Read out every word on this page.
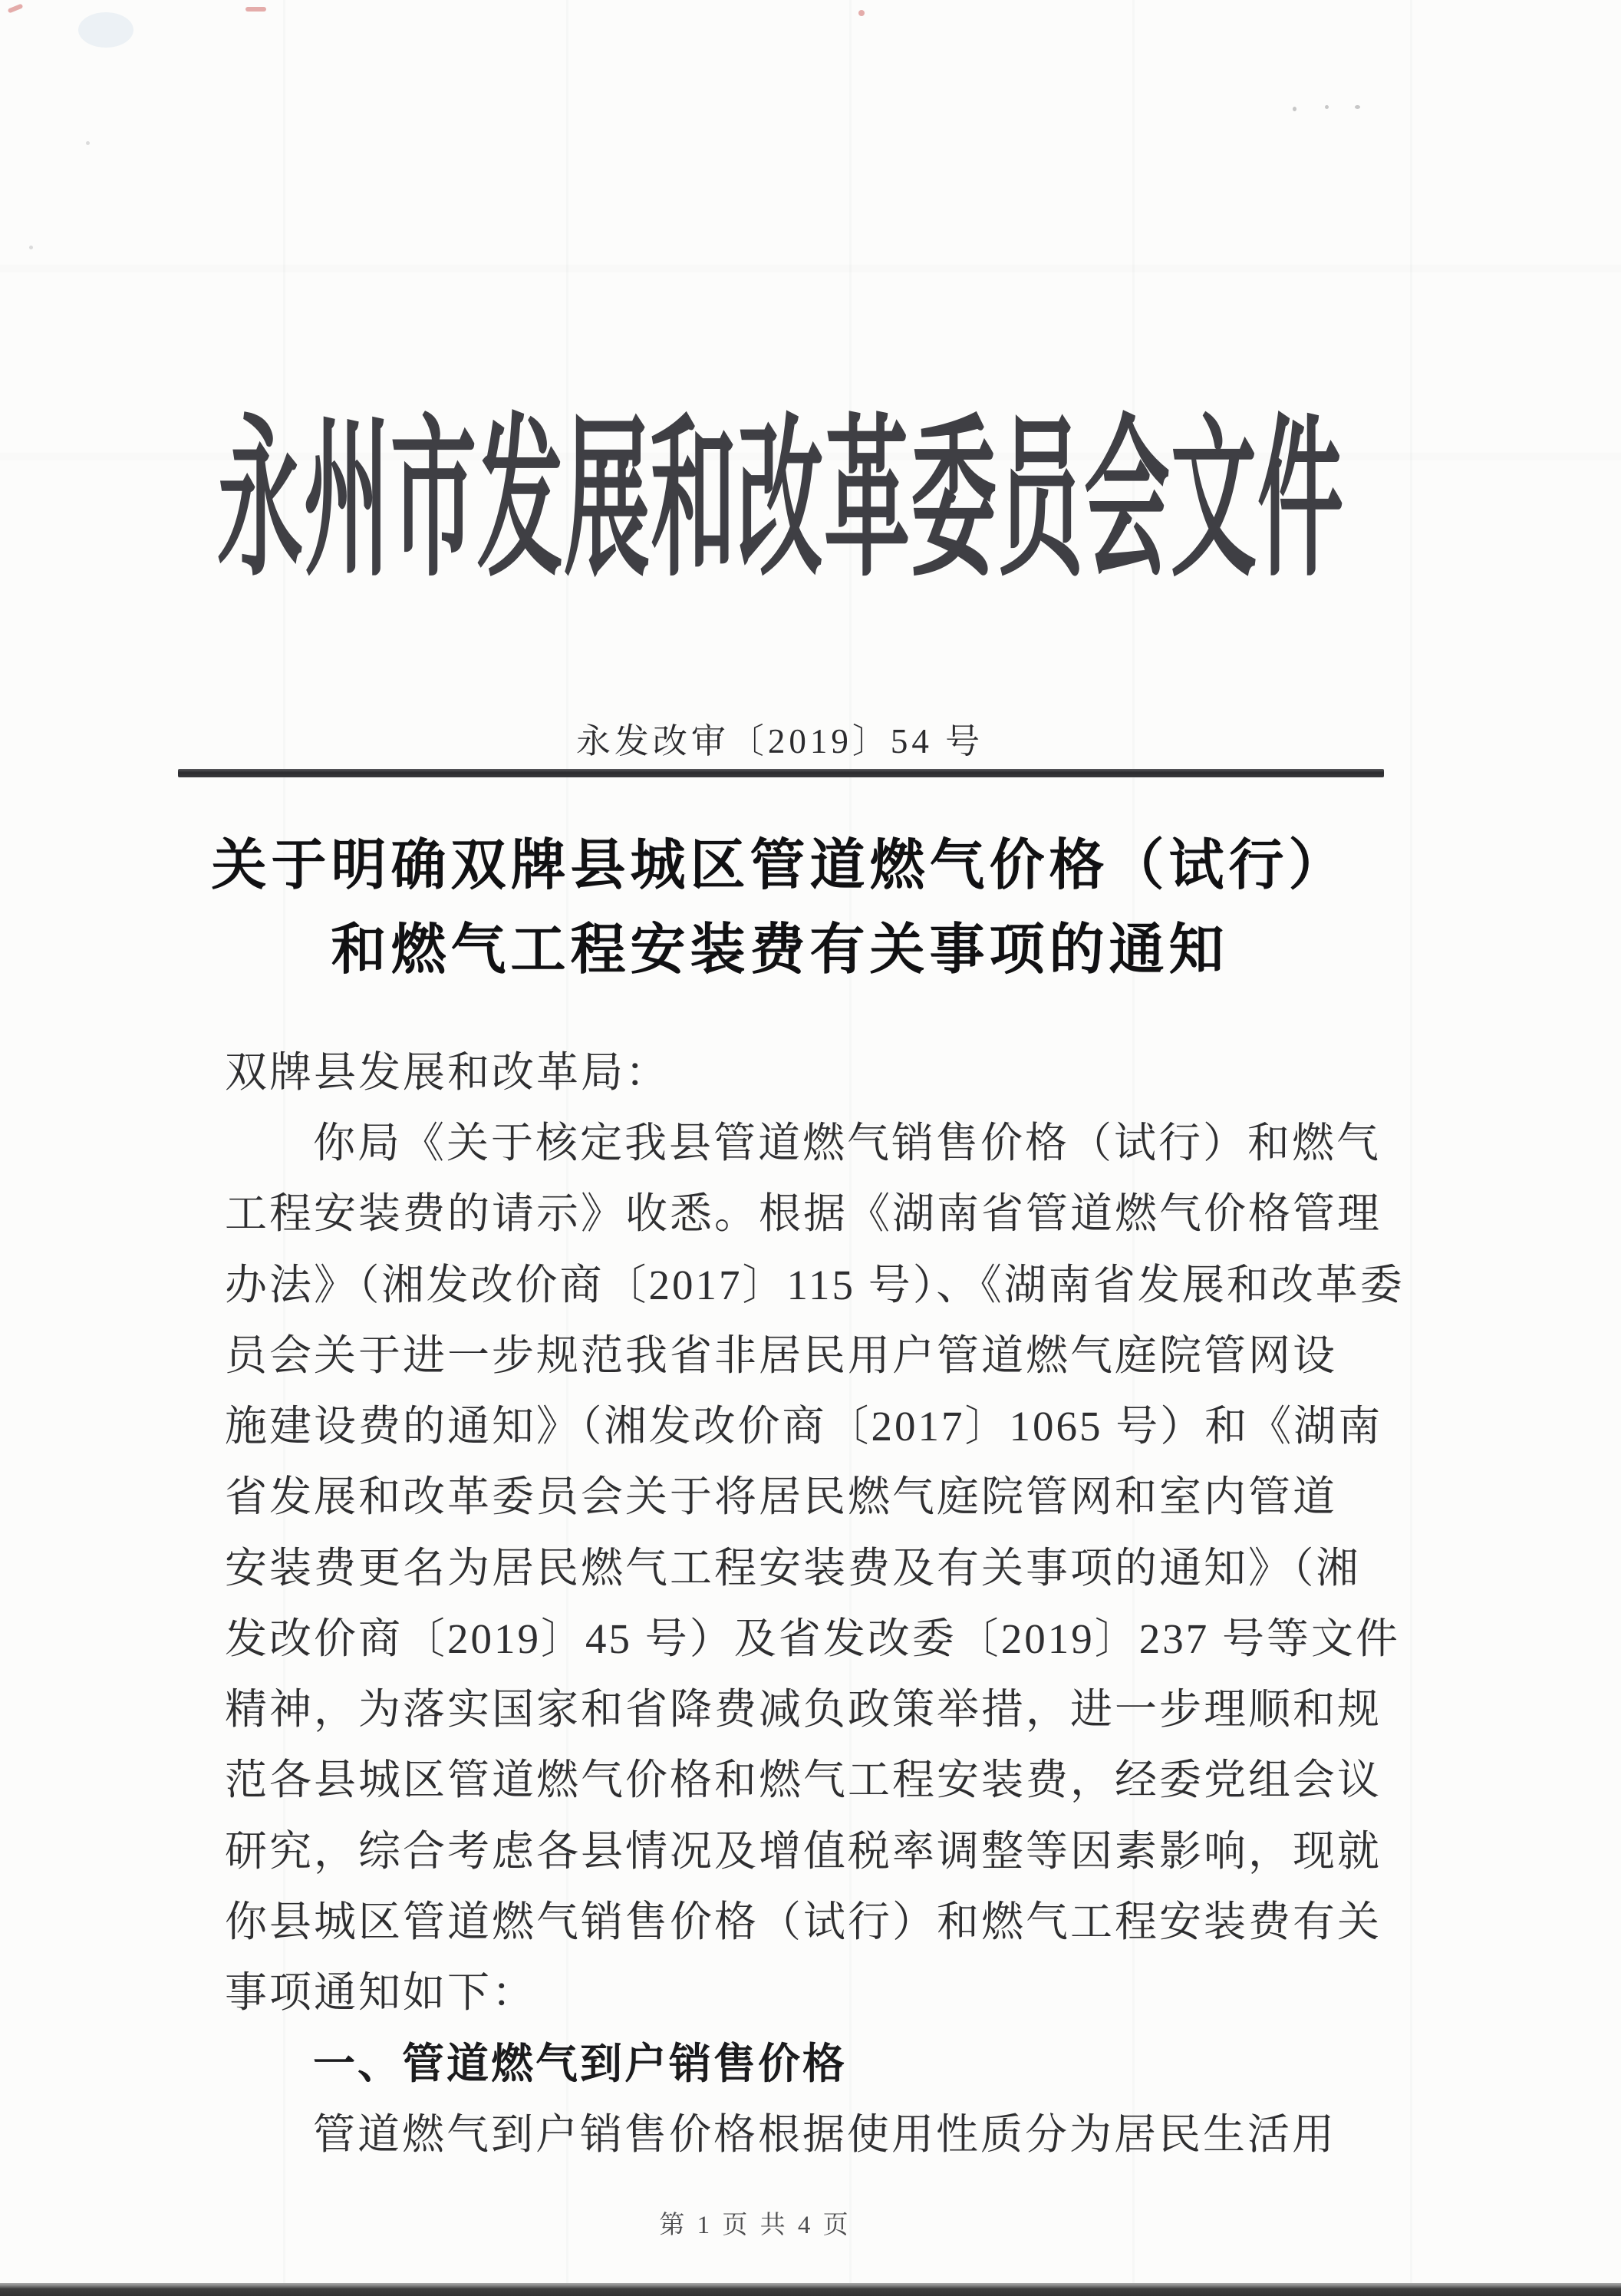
永州市发展和改革委员会文件
永发改审〔2019〕54 号
关于明确双牌县城区管道燃气价格（试行）
和燃气工程安装费有关事项的通知
双牌县发展和改革局：
你局《关于核定我县管道燃气销售价格（试行）和燃气
工程安装费的请示》收悉。根据《湖南省管道燃气价格管理
办法》（湘发改价商〔2017〕115 号）、《湖南省发展和改革委
员会关于进一步规范我省非居民用户管道燃气庭院管网设
施建设费的通知》（湘发改价商〔2017〕1065 号）和《湖南
省发展和改革委员会关于将居民燃气庭院管网和室内管道
安装费更名为居民燃气工程安装费及有关事项的通知》（湘
发改价商〔2019〕45 号）及省发改委〔2019〕237 号等文件
精神，为落实国家和省降费减负政策举措，进一步理顺和规
范各县城区管道燃气价格和燃气工程安装费，经委党组会议
研究，综合考虑各县情况及增值税率调整等因素影响，现就
你县城区管道燃气销售价格（试行）和燃气工程安装费有关
事项通知如下：
一、管道燃气到户销售价格
管道燃气到户销售价格根据使用性质分为居民生活用
第 1 页 共 4 页
